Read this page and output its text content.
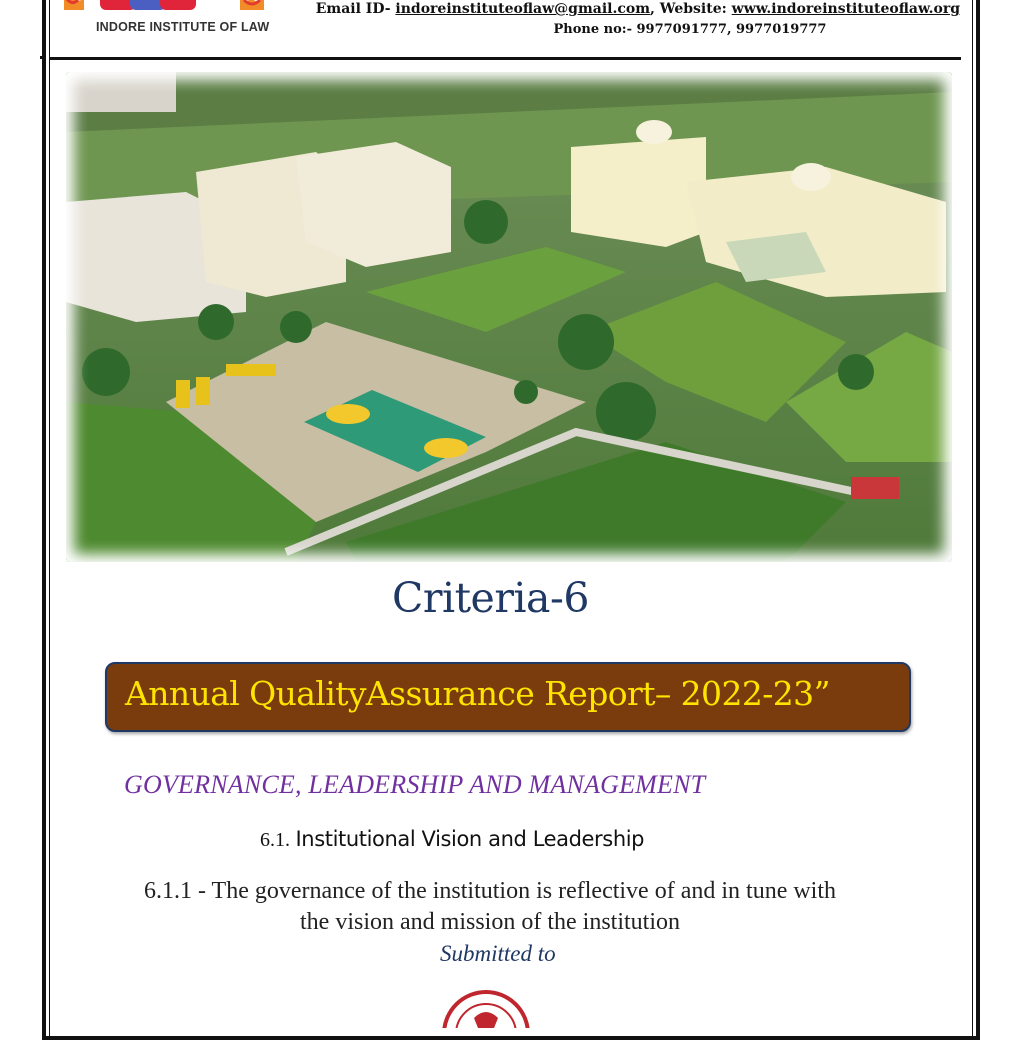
INDORE INSTITUTE OF LAW
Email ID- indoreinstituteoflaw@gmail.com, Website: www.indoreinstituteoflaw.org
Phone no:- 9977091777, 9977019777
Criteria-6
Annual QualityAssurance Report– 2022-23”
GOVERNANCE, LEADERSHIP AND MANAGEMENT
6.1. Institutional Vision and Leadership
6.1.1 - The governance of the institution is reflective of and in tune with
the vision and mission of the institution
Submitted to
